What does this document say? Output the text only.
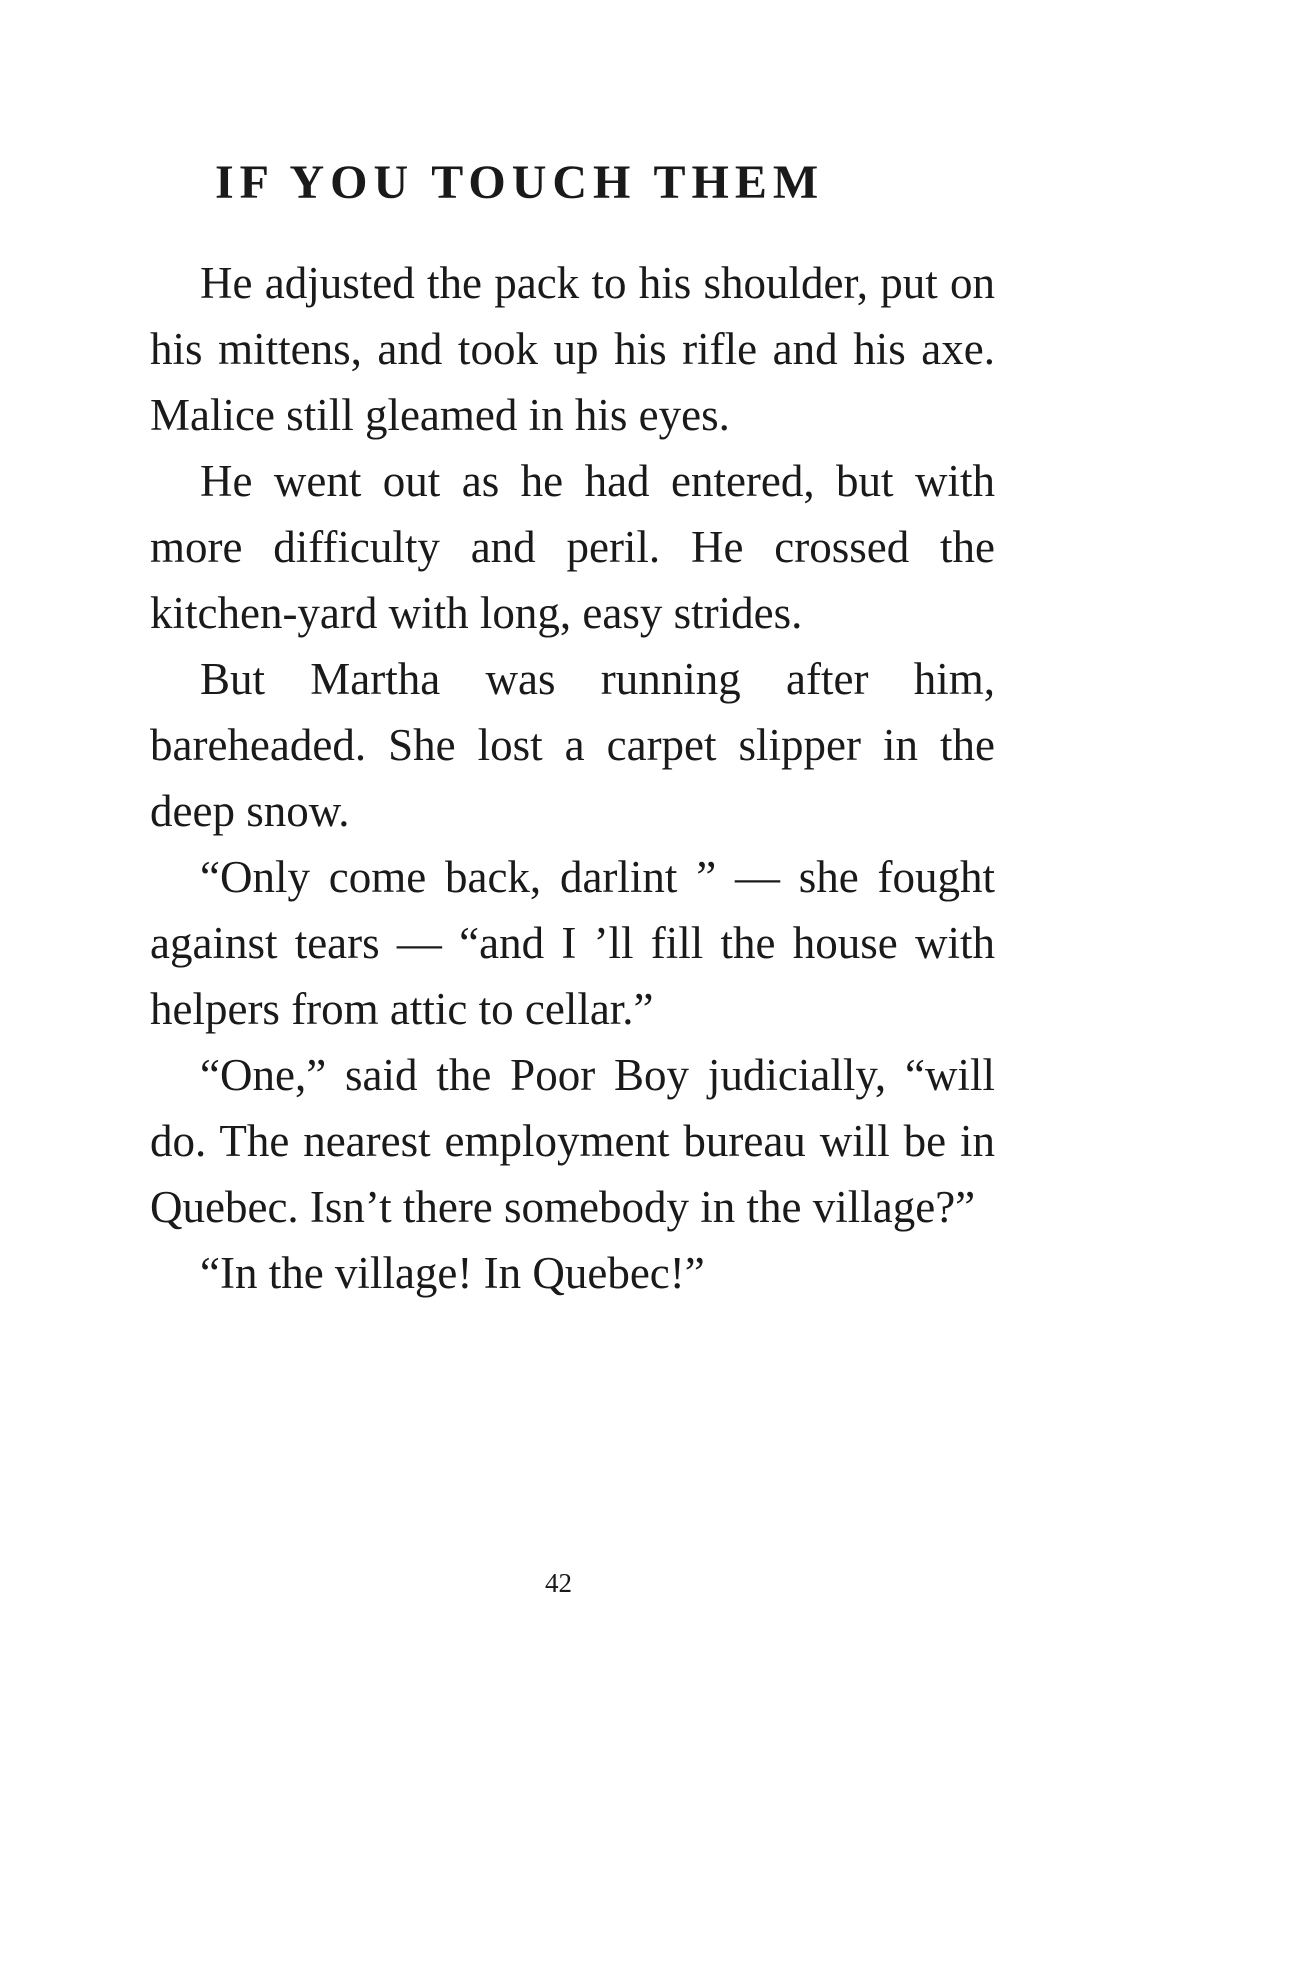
IF YOU TOUCH THEM

He adjusted the pack to his shoulder, put on his mittens, and took up his rifle and his axe. Malice still gleamed in his eyes.

He went out as he had entered, but with more difficulty and peril. He crossed the kitchen-yard with long, easy strides.

But Martha was running after him, bareheaded. She lost a carpet slipper in the deep snow.

“Only come back, darlint ” — she fought against tears — “and I ’ll fill the house with helpers from attic to cellar.”

“One,” said the Poor Boy judicially, “will do. The nearest employment bureau will be in Quebec. Isn’t there somebody in the village?”

“In the village! In Quebec!”

42
